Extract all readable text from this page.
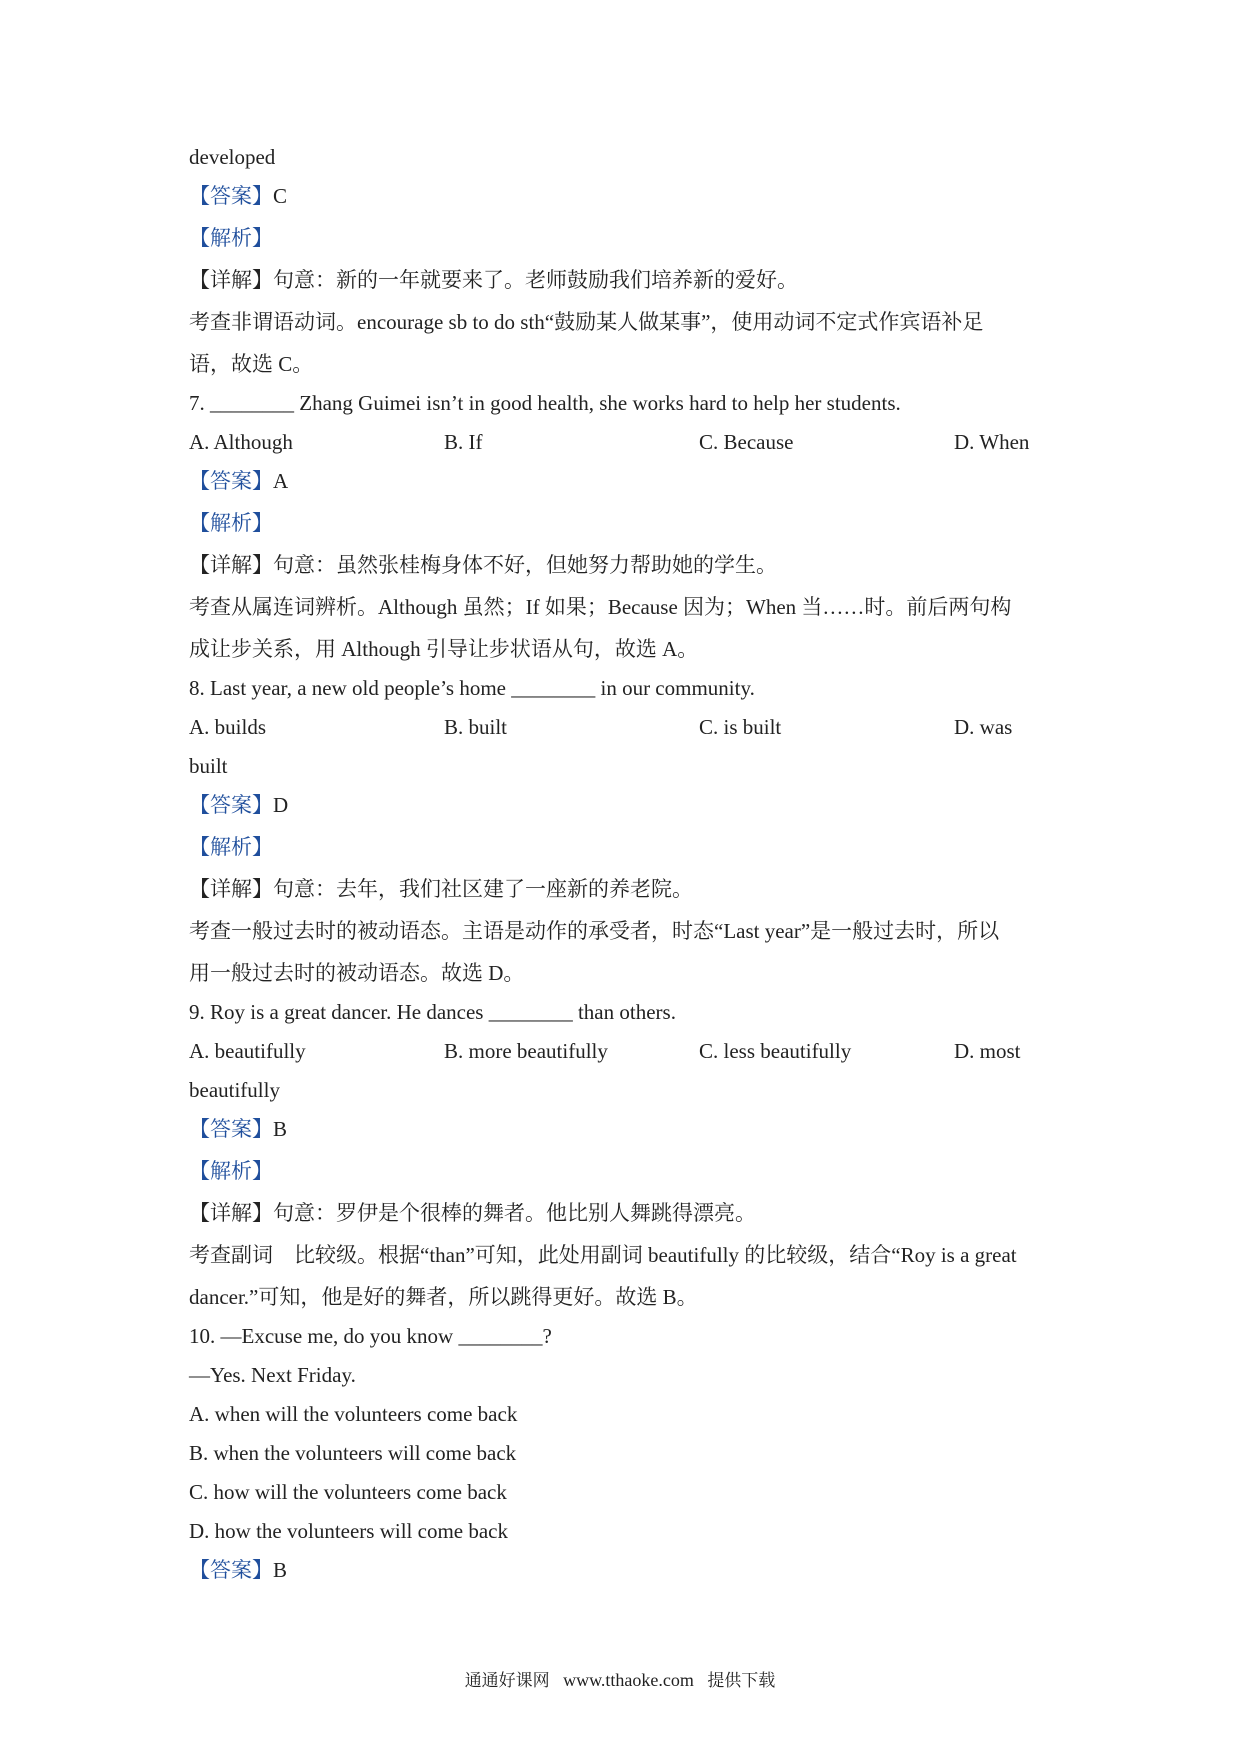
developed
【答案】C
【解析】
【详解】句意：新的一年就要来了。老师鼓励我们培养新的爱好。
考查非谓语动词。encourage sb to do sth“鼓励某人做某事”，使用动词不定式作宾语补足
语，故选 C。
7. ________ Zhang Guimei isn’t in good health, she works hard to help her students.
A. Although	B. If	C. Because	D. When
【答案】A
【解析】
【详解】句意：虽然张桂梅身体不好，但她努力帮助她的学生。
考查从属连词辨析。Although 虽然；If 如果；Because 因为；When 当……时。前后两句构
成让步关系，用 Although 引导让步状语从句，故选 A。
8. Last year, a new old people’s home ________ in our community.
A. builds	B. built	C. is built	D. was
built
【答案】D
【解析】
【详解】句意：去年，我们社区建了一座新的养老院。
考查一般过去时的被动语态。主语是动作的承受者，时态“Last year”是一般过去时，所以
用一般过去时的被动语态。故选 D。
9. Roy is a great dancer. He dances ________ than others.
A. beautifully	B. more beautifully	C. less beautifully	D. most
beautifully
【答案】B
【解析】
【详解】句意：罗伊是个很棒的舞者。他比别人舞跳得漂亮。
考查副词　比较级。根据“than”可知，此处用副词 beautifully 的比较级，结合“Roy is a great
dancer.”可知，他是好的舞者，所以跳得更好。故选 B。
10. —Excuse me, do you know ________?
—Yes. Next Friday.
A. when will the volunteers come back
B. when the volunteers will come back
C. how will the volunteers come back
D. how the volunteers will come back
【答案】B
通通好课网 www.tthaoke.com 提供下载
